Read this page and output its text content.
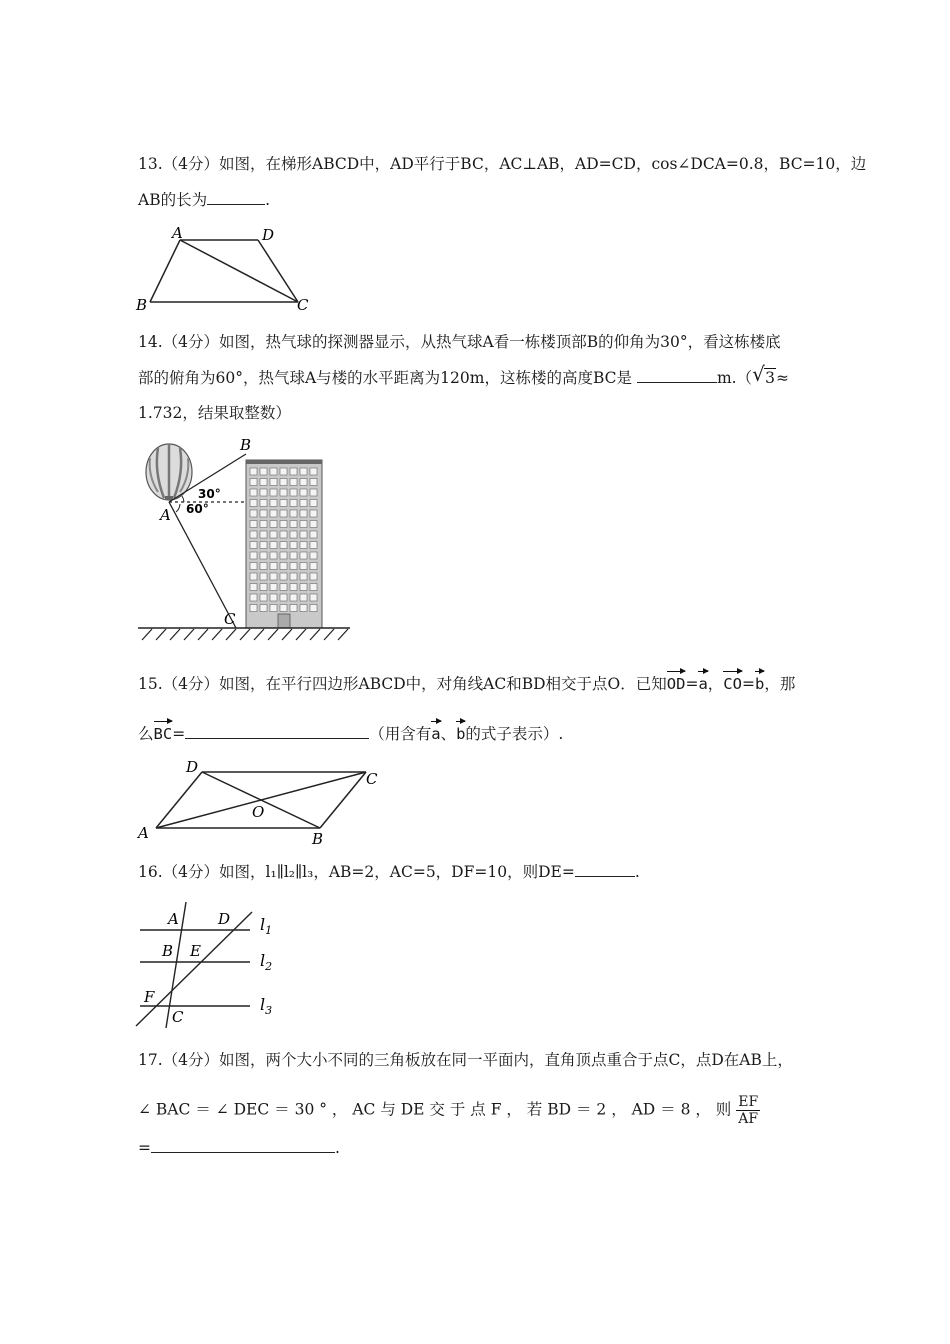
13.（4分）如图，在梯形ABCD中，AD平行于BC，AC⊥AB，AD=CD，cos∠DCA=0.8，BC=10，边
AB的长为	.
A	D
B	C
14.（4分）如图，热气球的探测器显示，从热气球A看一栋楼顶部B的仰角为30°，看这栋楼底
部的俯角为60°，热气球A与楼的水平距离为120m，这栋楼的高度BC是	m.（ √ 3≈
1.732，结果取整数）
B
A
C
30°
60°
15.（4分）如图，在平行四边形ABCD中，对角线AC和BD相交于点O．已知OD=a，CO=b，那
么BC=	（用含有a、b的式子表示）.
D
C
O
A	B
16.（4分）如图，l₁∥l₂∥l₃，AB=2，AC=5，DF=10，则DE=	.
A	D
B E
F
C
$l_1$
$l_2$
$l_3$
17.（4分）如图，两个大小不同的三角板放在同一平面内，直角顶点重合于点C，点D在AB上，
∠ BAC ＝ ∠ DEC ＝ 30 ° ， AC 与 DE 交 于 点 F ， 若 BD ＝ 2 ， AD ＝ 8 ， 则 $\frac{EF}{AF}$
=	.
